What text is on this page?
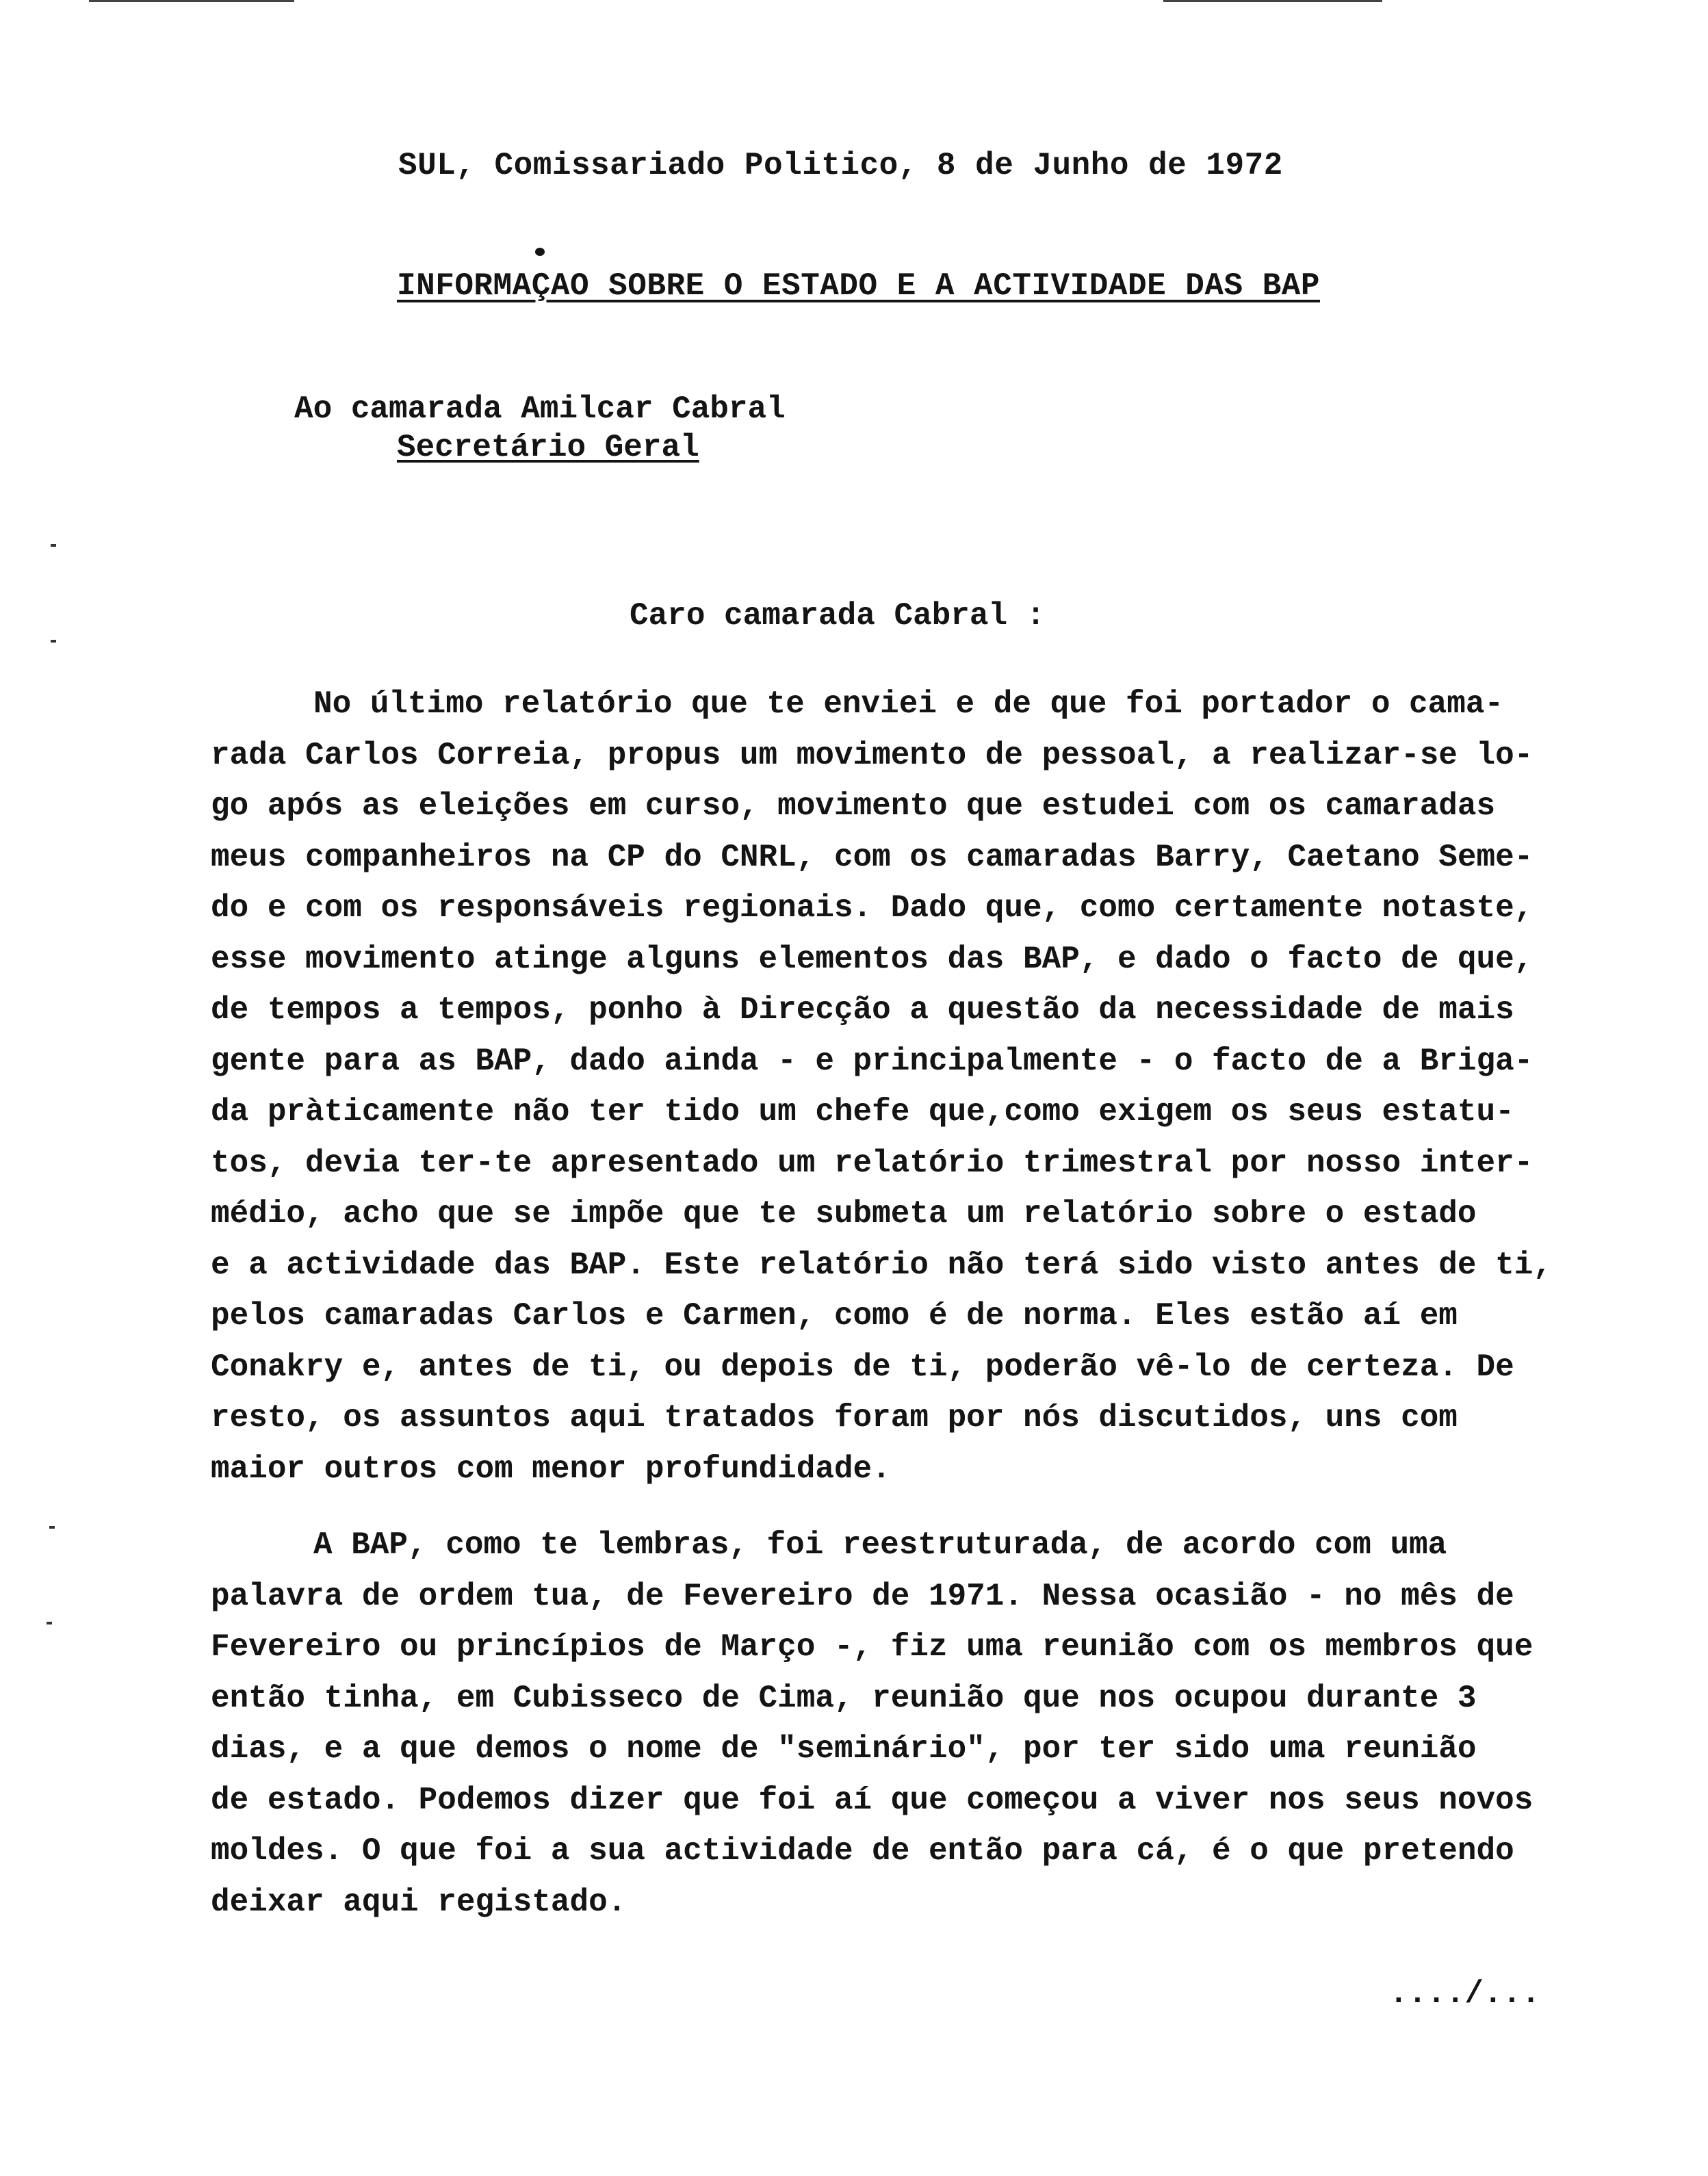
SUL, Comissariado Politico, 8 de Junho de 1972
INFORMAÇAO SOBRE O ESTADO E A ACTIVIDADE DAS BAP
Ao camarada Amilcar Cabral
Secretário Geral
Caro camarada Cabral :
No último relatório que te enviei e de que foi portador o cama-
rada Carlos Correia, propus um movimento de pessoal, a realizar-se lo-
go após as eleições em curso, movimento que estudei com os camaradas
meus companheiros na CP do CNRL, com os camaradas Barry, Caetano Seme-
do e com os responsáveis regionais. Dado que, como certamente notaste,
esse movimento atinge alguns elementos das BAP, e dado o facto de que,
de tempos a tempos, ponho à Direcção a questão da necessidade de mais
gente para as BAP, dado ainda - e principalmente - o facto de a Briga-
da pràticamente não ter tido um chefe que,como exigem os seus estatu-
tos, devia ter-te apresentado um relatório trimestral por nosso inter-
médio, acho que se impõe que te submeta um relatório sobre o estado
e a actividade das BAP. Este relatório não terá sido visto antes de ti,
pelos camaradas Carlos e Carmen, como é de norma. Eles estão aí em
Conakry e, antes de ti, ou depois de ti, poderão vê-lo de certeza. De
resto, os assuntos aqui tratados foram por nós discutidos, uns com
maior outros com menor profundidade.
A BAP, como te lembras, foi reestruturada, de acordo com uma
palavra de ordem tua, de Fevereiro de 1971. Nessa ocasião - no mês de
Fevereiro ou princípios de Março -, fiz uma reunião com os membros que
então tinha, em Cubisseco de Cima, reunião que nos ocupou durante 3
dias, e a que demos o nome de "seminário", por ter sido uma reunião
de estado. Podemos dizer que foi aí que começou a viver nos seus novos
moldes. O que foi a sua actividade de então para cá, é o que pretendo
deixar aqui registado.
..../...
